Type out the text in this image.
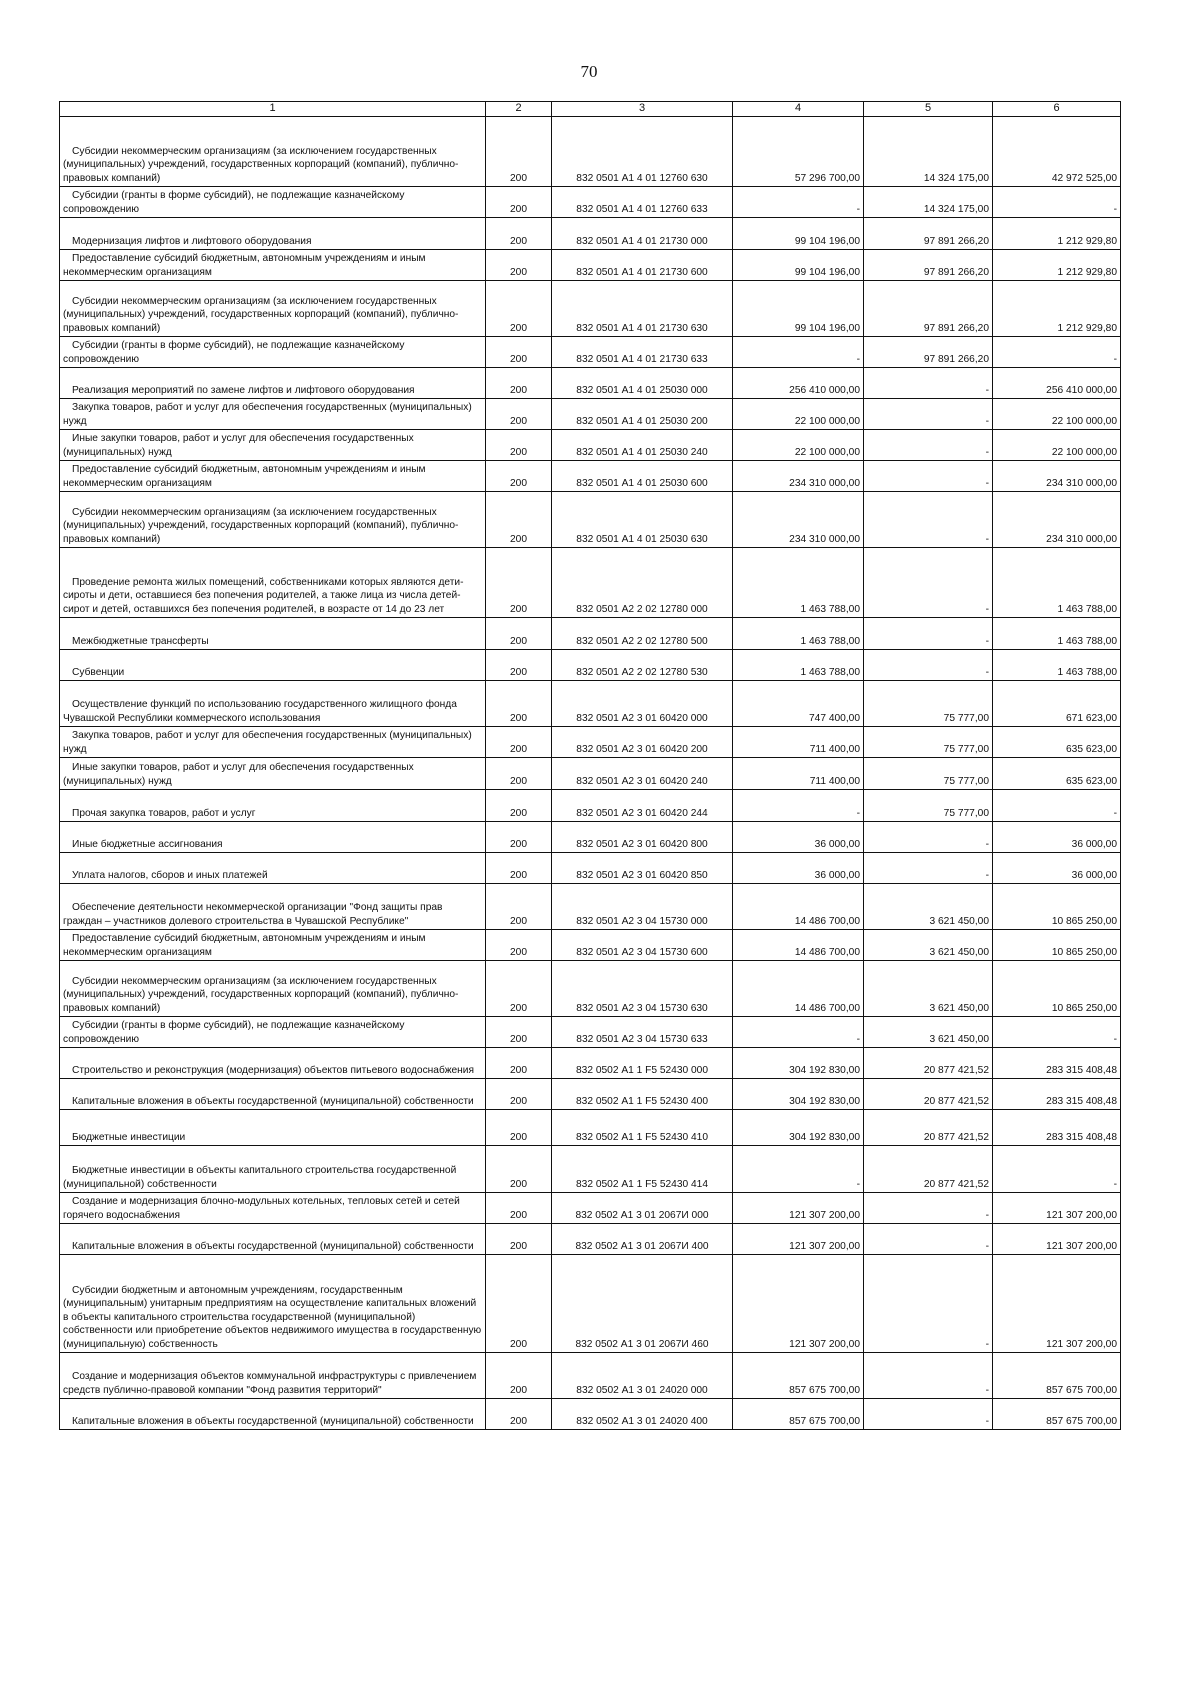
70
1	2	3	4	5	6

Субсидии некоммерческим организациям (за исключением государственных (муниципальных) учреждений, государственных корпораций (компаний), публично-правовых компаний)	200	832 0501 А1 4 01 12760 630	57 296 700,00	14 324 175,00	42 972 525,00

Субсидии (гранты в форме субсидий), не подлежащие казначейскому сопровождению	200	832 0501 А1 4 01 12760 633	-	14 324 175,00	-

Модернизация лифтов и лифтового оборудования	200	832 0501 А1 4 01 21730 000	99 104 196,00	97 891 266,20	1 212 929,80

Предоставление субсидий бюджетным, автономным учреждениям и иным некоммерческим организациям	200	832 0501 А1 4 01 21730 600	99 104 196,00	97 891 266,20	1 212 929,80

Субсидии некоммерческим организациям (за исключением государственных (муниципальных) учреждений, государственных корпораций (компаний), публично-правовых компаний)	200	832 0501 А1 4 01 21730 630	99 104 196,00	97 891 266,20	1 212 929,80

Субсидии (гранты в форме субсидий), не подлежащие казначейскому сопровождению	200	832 0501 А1 4 01 21730 633	-	97 891 266,20	-

Реализация мероприятий по замене лифтов и лифтового оборудования	200	832 0501 А1 4 01 25030 000	256 410 000,00	-	256 410 000,00

Закупка товаров, работ и услуг для обеспечения государственных (муниципальных) нужд	200	832 0501 А1 4 01 25030 200	22 100 000,00	-	22 100 000,00

Иные закупки товаров, работ и услуг для обеспечения государственных (муниципальных) нужд	200	832 0501 А1 4 01 25030 240	22 100 000,00	-	22 100 000,00

Предоставление субсидий бюджетным, автономным учреждениям и иным некоммерческим организациям	200	832 0501 А1 4 01 25030 600	234 310 000,00	-	234 310 000,00

Субсидии некоммерческим организациям (за исключением государственных (муниципальных) учреждений, государственных корпораций (компаний), публично-правовых компаний)	200	832 0501 А1 4 01 25030 630	234 310 000,00	-	234 310 000,00

Проведение ремонта жилых помещений, собственниками которых являются дети-сироты и дети, оставшиеся без попечения родителей, а также лица из числа детей-сирот и детей, оставшихся без попечения родителей, в возрасте от 14 до 23 лет	200	832 0501 А2 2 02 12780 000	1 463 788,00	-	1 463 788,00

Межбюджетные трансферты	200	832 0501 А2 2 02 12780 500	1 463 788,00	-	1 463 788,00

Субвенции	200	832 0501 А2 2 02 12780 530	1 463 788,00	-	1 463 788,00

Осуществление функций по использованию государственного жилищного фонда Чувашской Республики коммерческого использования	200	832 0501 А2 3 01 60420 000	747 400,00	75 777,00	671 623,00

Закупка товаров, работ и услуг для обеспечения государственных (муниципальных) нужд	200	832 0501 А2 3 01 60420 200	711 400,00	75 777,00	635 623,00

Иные закупки товаров, работ и услуг для обеспечения государственных (муниципальных) нужд	200	832 0501 А2 3 01 60420 240	711 400,00	75 777,00	635 623,00

Прочая закупка товаров, работ и услуг	200	832 0501 А2 3 01 60420 244	-	75 777,00	-

Иные бюджетные ассигнования	200	832 0501 А2 3 01 60420 800	36 000,00	-	36 000,00

Уплата налогов, сборов и иных платежей	200	832 0501 А2 3 01 60420 850	36 000,00	-	36 000,00

Обеспечение деятельности некоммерческой организации "Фонд защиты прав граждан – участников долевого строительства в Чувашской Республике"	200	832 0501 А2 3 04 15730 000	14 486 700,00	3 621 450,00	10 865 250,00

Предоставление субсидий бюджетным, автономным учреждениям и иным некоммерческим организациям	200	832 0501 А2 3 04 15730 600	14 486 700,00	3 621 450,00	10 865 250,00

Субсидии некоммерческим организациям (за исключением государственных (муниципальных) учреждений, государственных корпораций (компаний), публично-правовых компаний)	200	832 0501 А2 3 04 15730 630	14 486 700,00	3 621 450,00	10 865 250,00

Субсидии (гранты в форме субсидий), не подлежащие казначейскому сопровождению	200	832 0501 А2 3 04 15730 633	-	3 621 450,00	-

Строительство и реконструкция (модернизация) объектов питьевого водоснабжения	200	832 0502 А1 1 F5 52430 000	304 192 830,00	20 877 421,52	283 315 408,48

Капитальные вложения в объекты государственной (муниципальной) собственности	200	832 0502 А1 1 F5 52430 400	304 192 830,00	20 877 421,52	283 315 408,48

Бюджетные инвестиции	200	832 0502 А1 1 F5 52430 410	304 192 830,00	20 877 421,52	283 315 408,48

Бюджетные инвестиции в объекты капитального строительства государственной (муниципальной) собственности	200	832 0502 А1 1 F5 52430 414	-	20 877 421,52	-

Создание и модернизация блочно-модульных котельных, тепловых сетей и сетей горячего водоснабжения	200	832 0502 А1 3 01 2067И 000	121 307 200,00	-	121 307 200,00

Капитальные вложения в объекты государственной (муниципальной) собственности	200	832 0502 А1 3 01 2067И 400	121 307 200,00	-	121 307 200,00

Субсидии бюджетным и автономным учреждениям, государственным (муниципальным) унитарным предприятиям на осуществление капитальных вложений в объекты капитального строительства государственной (муниципальной) собственности или приобретение объектов недвижимого имущества в государственную (муниципальную) собственность	200	832 0502 А1 3 01 2067И 460	121 307 200,00	-	121 307 200,00

Создание и модернизация объектов коммунальной инфраструктуры с привлечением средств публично-правовой компании "Фонд развития территорий"	200	832 0502 А1 3 01 24020 000	857 675 700,00	-	857 675 700,00

Капитальные вложения в объекты государственной (муниципальной) собственности	200	832 0502 А1 3 01 24020 400	857 675 700,00	-	857 675 700,00
